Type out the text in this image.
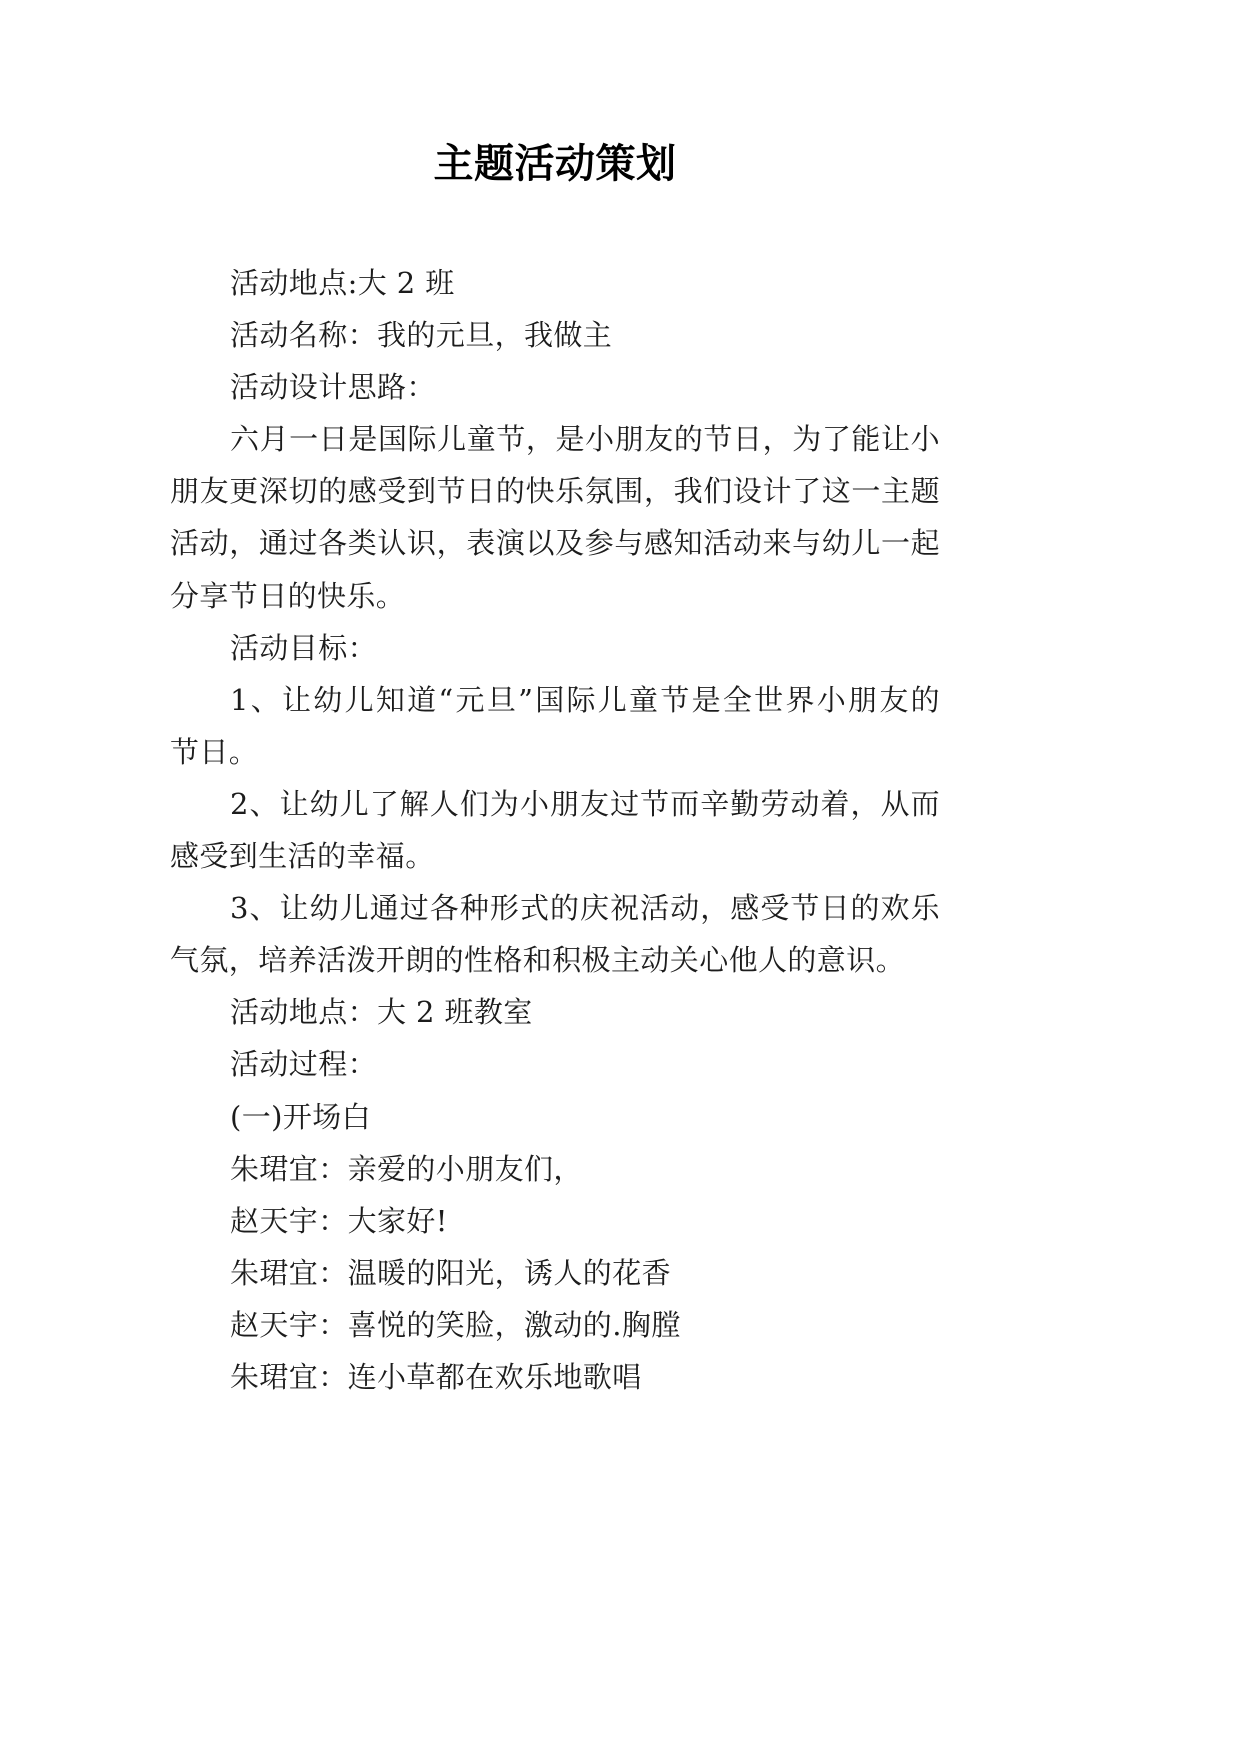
主题活动策划
活动地点:大 2 班
活动名称：我的元旦，我做主
活动设计思路：
六月一日是国际儿童节，是小朋友的节日，为了能让小
朋友更深切的感受到节日的快乐氛围，我们设计了这一主题
活动，通过各类认识，表演以及参与感知活动来与幼儿一起
分享节日的快乐。
活动目标：
1、让幼儿知道“元旦”国际儿童节是全世界小朋友的
节日。
2、让幼儿了解人们为小朋友过节而辛勤劳动着，从而
感受到生活的幸福。
3、让幼儿通过各种形式的庆祝活动，感受节日的欢乐
气氛，培养活泼开朗的性格和积极主动关心他人的意识。
活动地点：大 2 班教室
活动过程：
(一)开场白
朱珺宜：亲爱的小朋友们，
赵天宇：大家好!
朱珺宜：温暖的阳光，诱人的花香
赵天宇：喜悦的笑脸，激动的.胸膛
朱珺宜：连小草都在欢乐地歌唱
